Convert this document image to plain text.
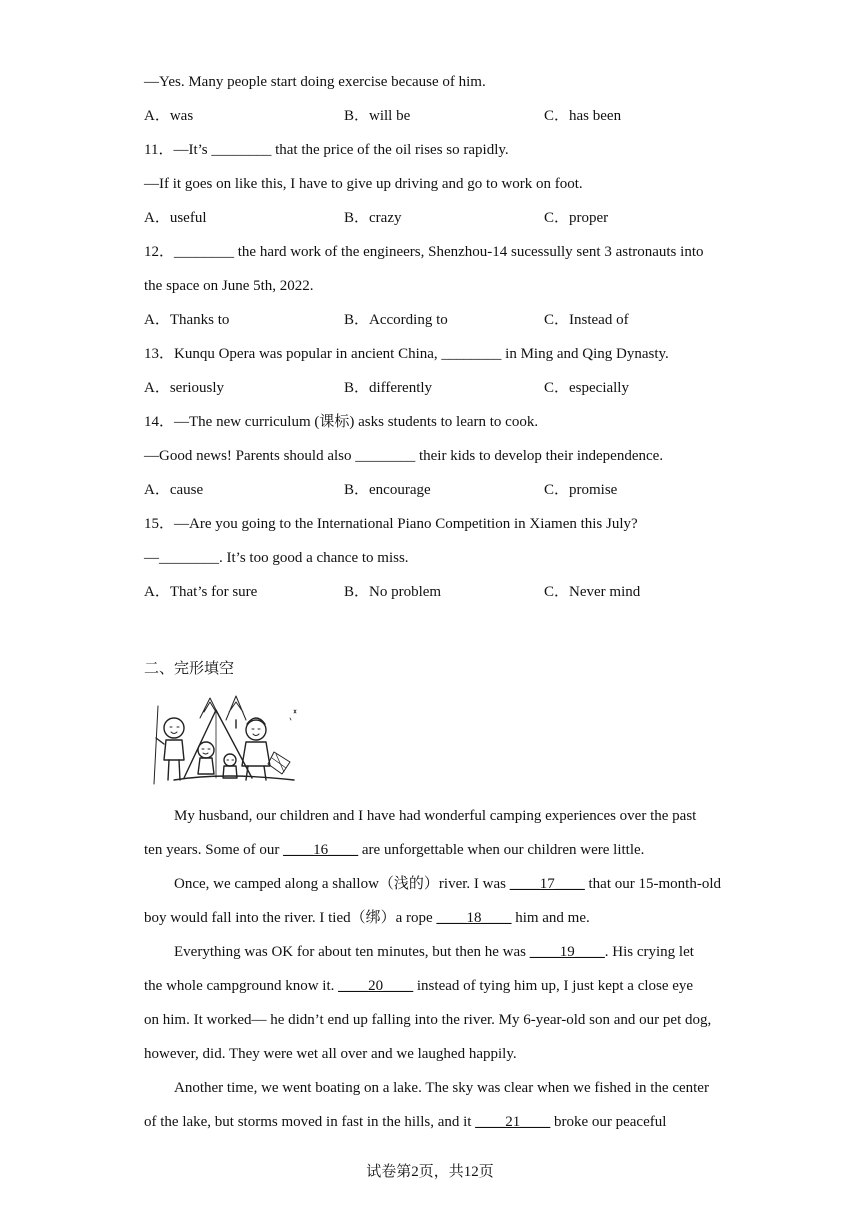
—Yes. Many people start doing exercise because of him.
A．was	B．will be	C．has been
11．—It’s ________ that the price of the oil rises so rapidly.
—If it goes on like this, I have to give up driving and go to work on foot.
A．useful	B．crazy	C．proper
12．________ the hard work of the engineers, Shenzhou-14 sucessully sent 3 astronauts into
the space on June 5th, 2022.
A．Thanks to	B．According to	C．Instead of
13．Kunqu Opera was popular in ancient China, ________ in Ming and Qing Dynasty.
A．seriously	B．differently	C．especially
14．—The new curriculum (课标) asks students to learn to cook.
—Good news! Parents should also ________ their kids to develop their independence.
A．cause	B．encourage	C．promise
15．—Are you going to the International Piano Competition in Xiamen this July?
—________. It’s too good a chance to miss.
A．That’s for sure	B．No problem	C．Never mind
二、完形填空
My husband, our children and I have had wonderful camping experiences over the past
ten years. Some of our ____16____ are unforgettable when our children were little.
Once, we camped along a shallow（浅的）river. I was ____17____ that our 15-month-old
boy would fall into the river. I tied（绑）a rope ____18____ him and me.
Everything was OK for about ten minutes, but then he was ____19____. His crying let
the whole campground know it. ____20____ instead of tying him up, I just kept a close eye
on him. It worked— he didn’t end up falling into the river. My 6-year-old son and our pet dog,
however, did. They were wet all over and we laughed happily.
Another time, we went boating on a lake. The sky was clear when we fished in the center
of the lake, but storms moved in fast in the hills, and it ____21____ broke our peaceful
试卷第2页，共12页
